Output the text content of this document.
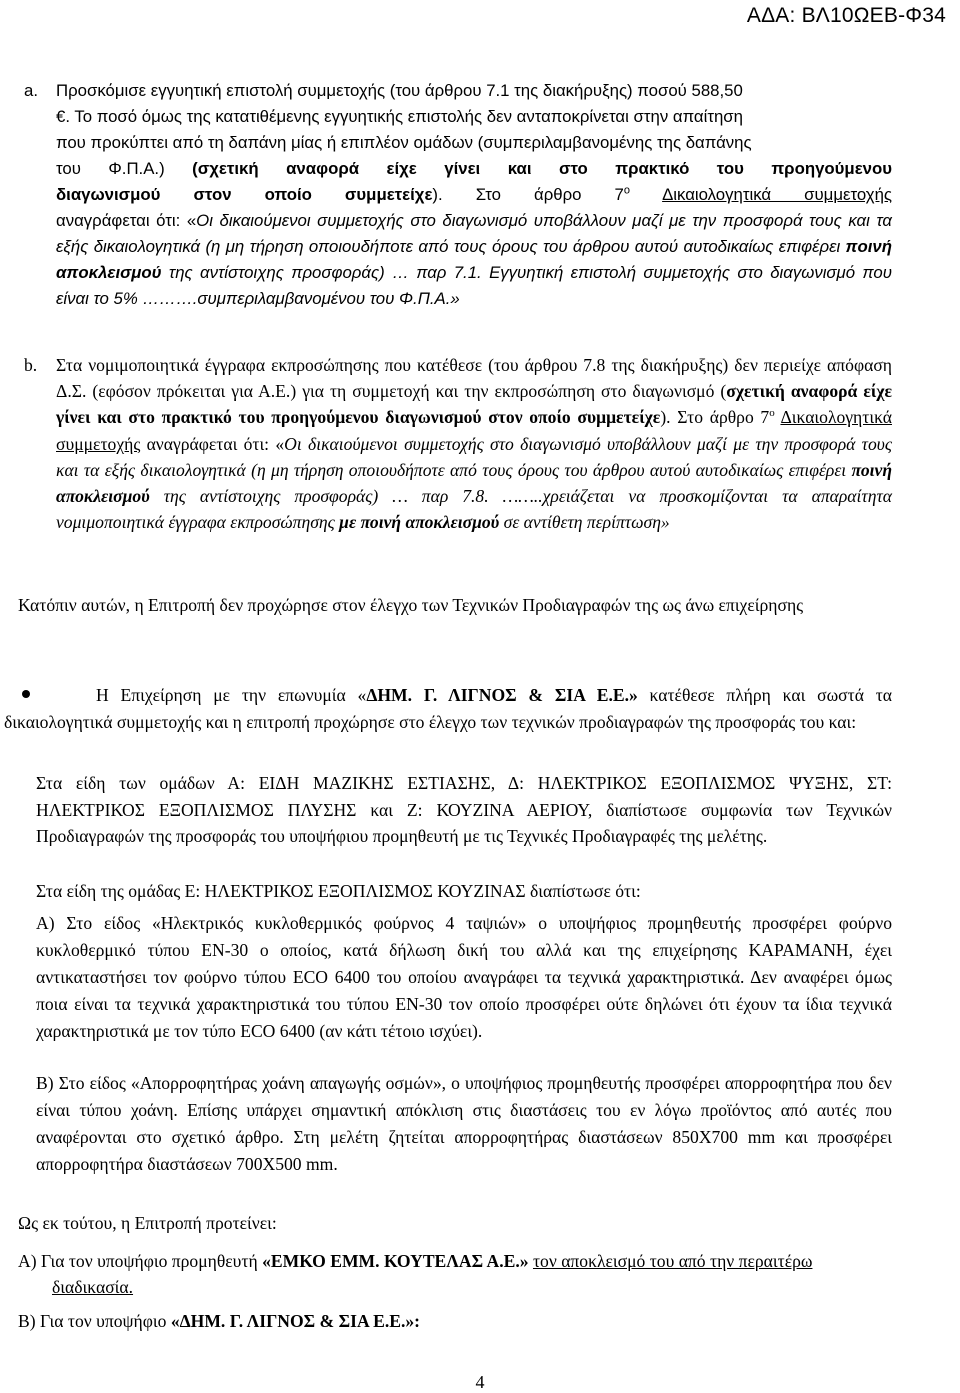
ΑΔΑ: ΒΛ10ΩΕΒ-Φ34

a. Προσκόμισε εγγυητική επιστολή συμμετοχής (του άρθρου 7.1 της διακήρυξης) ποσού 588,50

€. Το ποσό όμως της κατατιθέμενης εγγυητικής επιστολής δεν ανταποκρίνεται στην απαίτηση

που προκύπτει από τη δαπάνη μίας ή επιπλέον ομάδων (συμπεριλαμβανομένης της δαπάνης

του Φ.Π.Α.) (σχετική αναφορά είχε γίνει και στο πρακτικό του προηγούμενου

διαγωνισμού στον οποίο συμμετείχε). Στο άρθρο $7^o$ Δικαιολογητικά συμμετοχής

αναγράφεται ότι: «Οι δικαιούμενοι συμμετοχής στο διαγωνισμό υποβάλλουν μαζί με την προσφορά τους και τα εξής δικαιολογητικά (η μη τήρηση οποιουδήποτε από τους όρους του άρθρου αυτού αυτοδικαίως επιφέρει ποινή αποκλεισμού της αντίστοιχης προσφοράς) … παρ 7.1. Εγγυητική επιστολή συμμετοχής στο διαγωνισμό που είναι το 5% ……….συμπεριλαμβανομένου του Φ.Π.Α.»

b. Στα νομιμοποιητικά έγγραφα εκπροσώπησης που κατέθεσε (του άρθρου 7.8 της διακήρυξης) δεν περιείχε απόφαση Δ.Σ. (εφόσον πρόκειται για Α.Ε.) για τη συμμετοχή και την εκπροσώπηση στο διαγωνισμό (σχετική αναφορά είχε γίνει και στο πρακτικό του προηγούμενου διαγωνισμού στον οποίο συμμετείχε). Στο άρθρο $7^o$ Δικαιολογητικά συμμετοχής αναγράφεται ότι: «Οι δικαιούμενοι συμμετοχής στο διαγωνισμό υποβάλλουν μαζί με την προσφορά τους και τα εξής δικαιολογητικά (η μη τήρηση οποιουδήποτε από τους όρους του άρθρου αυτού αυτοδικαίως επιφέρει ποινή αποκλεισμού της αντίστοιχης προσφοράς) … παρ 7.8. ……..χρειάζεται να προσκομίζονται τα απαραίτητα νομιμοποιητικά έγγραφα εκπροσώπησης με ποινή αποκλεισμού σε αντίθετη περίπτωση»

Κατόπιν αυτών, η Επιτροπή δεν προχώρησε στον έλεγχο των Τεχνικών Προδιαγραφών της ως άνω επιχείρησης

Η Επιχείρηση με την επωνυμία «ΔΗΜ. Γ. ΛΙΓΝΟΣ & ΣΙΑ Ε.Ε.» κατέθεσε πλήρη και σωστά τα δικαιολογητικά συμμετοχής και η επιτροπή προχώρησε στο έλεγχο των τεχνικών προδιαγραφών της προσφοράς του και:

Στα είδη των ομάδων Α: ΕΙΔΗ ΜΑΖΙΚΗΣ ΕΣΤΙΑΣΗΣ, Δ: ΗΛΕΚΤΡΙΚΟΣ ΕΞΟΠΛΙΣΜΟΣ ΨΥΞΗΣ, ΣΤ: ΗΛΕΚΤΡΙΚΟΣ ΕΞΟΠΛΙΣΜΟΣ ΠΛΥΣΗΣ και Ζ: ΚΟΥΖΙΝΑ ΑΕΡΙΟΥ, διαπίστωσε συμφωνία των Τεχνικών Προδιαγραφών της προσφοράς του υποψήφιου προμηθευτή με τις Τεχνικές Προδιαγραφές της μελέτης.

Στα είδη της ομάδας Ε: ΗΛΕΚΤΡΙΚΟΣ ΕΞΟΠΛΙΣΜΟΣ ΚΟΥΖΙΝΑΣ διαπίστωσε ότι:

Α) Στο είδος «Ηλεκτρικός κυκλοθερμικός φούρνος 4 ταψιών» ο υποψήφιος προμηθευτής προσφέρει φούρνο κυκλοθερμικό τύπου ΕΝ-30 ο οποίος, κατά δήλωση δική του αλλά και της επιχείρησης ΚΑΡΑΜΑΝΗ, έχει αντικαταστήσει τον φούρνο τύπου ECO 6400 του οποίου αναγράφει τα τεχνικά χαρακτηριστικά. Δεν αναφέρει όμως ποια είναι τα τεχνικά χαρακτηριστικά του τύπου ΕΝ-30 τον οποίο προσφέρει ούτε δηλώνει ότι έχουν τα ίδια τεχνικά χαρακτηριστικά με τον τύπο ECO 6400 (αν κάτι τέτοιο ισχύει).

Β) Στο είδος «Απορροφητήρας χοάνη απαγωγής οσμών», ο υποψήφιος προμηθευτής προσφέρει απορροφητήρα που δεν είναι τύπου χοάνη. Επίσης υπάρχει σημαντική απόκλιση στις διαστάσεις του εν λόγω προϊόντος από αυτές που αναφέρονται στο σχετικό άρθρο. Στη μελέτη ζητείται απορροφητήρας διαστάσεων 850Χ700 mm και προσφέρει απορροφητήρα διαστάσεων 700Χ500 mm.

Ως εκ τούτου, η Επιτροπή προτείνει:

Α) Για τον υποψήφιο προμηθευτή «ΕΜΚΟ ΕΜΜ. ΚΟΥΤΕΛΑΣ Α.Ε.» τον αποκλεισμό του από την περαιτέρω διαδικασία.

Β) Για τον υποψήφιο «ΔΗΜ. Γ. ΛΙΓΝΟΣ & ΣΙΑ Ε.Ε.»:

4
